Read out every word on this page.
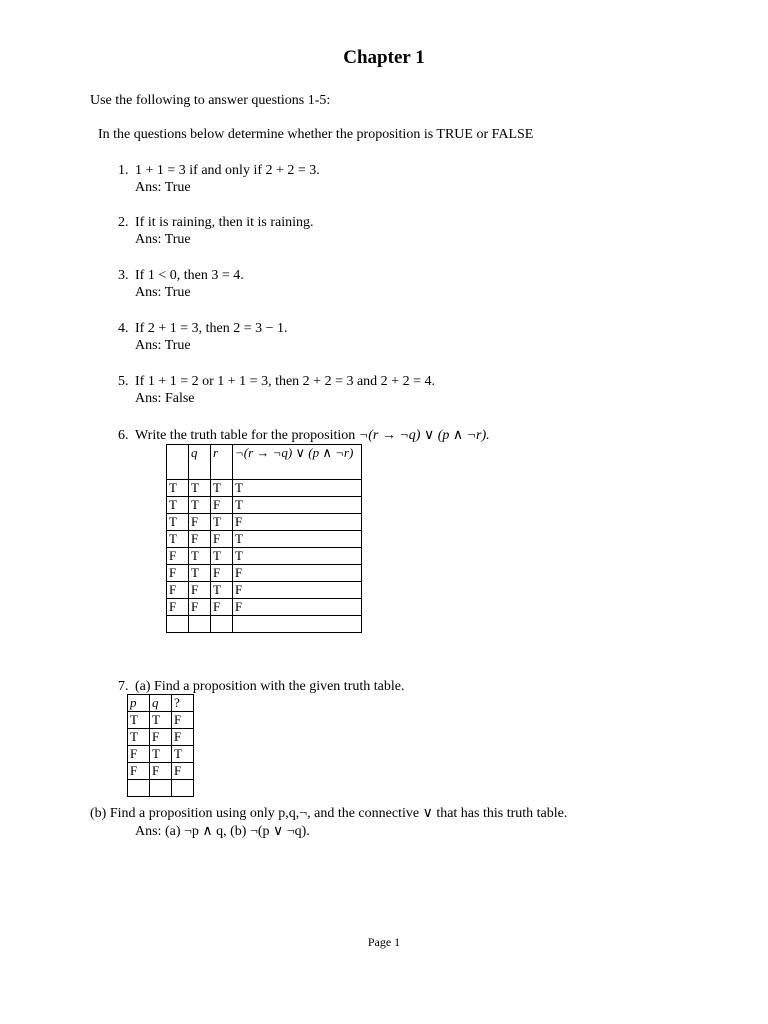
Chapter 1
Use the following to answer questions 1-5:
In the questions below determine whether the proposition is TRUE or FALSE
1. 1 + 1 = 3 if and only if 2 + 2 = 3.
Ans: True
2. If it is raining, then it is raining.
Ans: True
3. If 1 < 0, then 3 = 4.
Ans: True
4. If 2 + 1 = 3, then 2 = 3 − 1.
Ans: True
5. If 1 + 1 = 2 or 1 + 1 = 3, then 2 + 2 = 3 and 2 + 2 = 4.
Ans: False
6. Write the truth table for the proposition ¬(r → ¬q) ∨ (p ∧ ¬r).
	q	r	¬(r → ¬q) ∨ (p ∧ ¬r)
T	T	T	T
T	T	F	T
T	F	T	F
T	F	F	T
F	T	T	T
F	T	F	F
F	F	T	F
F	F	F	F

7. (a) Find a proposition with the given truth table.
p	q	?
T	T	F
T	F	F
F	T	T
F	F	F

(b) Find a proposition using only p,q,¬, and the connective ∨ that has this truth table.
Ans: (a) ¬p ∧ q, (b) ¬(p ∨ ¬q).
Page 1
